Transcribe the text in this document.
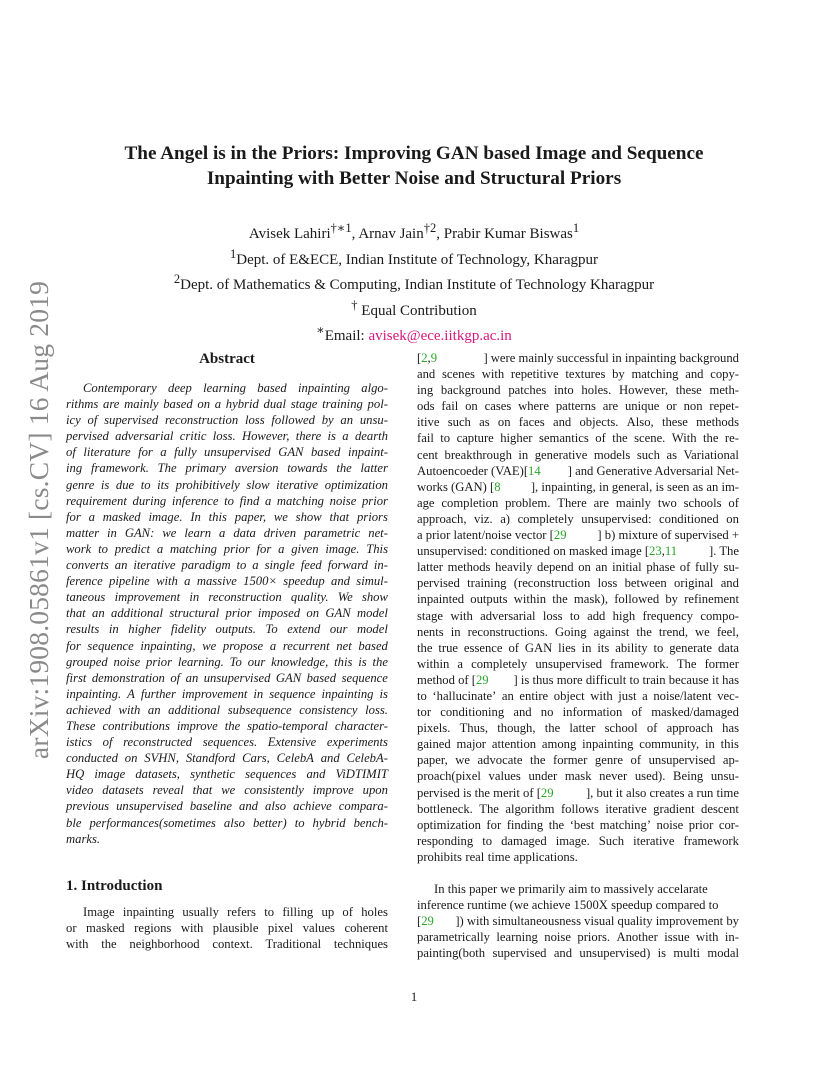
arXiv:1908.05861v1 [cs.CV] 16 Aug 2019
The Angel is in the Priors: Improving GAN based Image and Sequence
Inpainting with Better Noise and Structural Priors
Avisek Lahiri$^{\dagger∗1}$, Arnav Jain$^{\dagger 2}$, Prabir Kumar Biswas$^1$
$^1$Dept. of E&ECE, Indian Institute of Technology, Kharagpur
$^2$Dept. of Mathematics & Computing, Indian Institute of Technology Kharagpur
† Equal Contribution
∗Email: avisek@ece.iitkgp.ac.in
Abstract
Contemporary deep learning based inpainting algo-
rithms are mainly based on a hybrid dual stage training pol-
icy of supervised reconstruction loss followed by an unsu-
pervised adversarial critic loss. However, there is a dearth
of literature for a fully unsupervised GAN based inpaint-
ing framework. The primary aversion towards the latter
genre is due to its prohibitively slow iterative optimization
requirement during inference to find a matching noise prior
for a masked image. In this paper, we show that priors
matter in GAN: we learn a data driven parametric net-
work to predict a matching prior for a given image. This
converts an iterative paradigm to a single feed forward in-
ference pipeline with a massive 1500× speedup and simul-
taneous improvement in reconstruction quality. We show
that an additional structural prior imposed on GAN model
results in higher fidelity outputs. To extend our model
for sequence inpainting, we propose a recurrent net based
grouped noise prior learning. To our knowledge, this is the
first demonstration of an unsupervised GAN based sequence
inpainting. A further improvement in sequence inpainting is
achieved with an additional subsequence consistency loss.
These contributions improve the spatio-temporal character-
istics of reconstructed sequences. Extensive experiments
conducted on SVHN, Standford Cars, CelebA and CelebA-
HQ image datasets, synthetic sequences and ViDTIMIT
video datasets reveal that we consistently improve upon
previous unsupervised baseline and also achieve compara-
ble performances(sometimes also better) to hybrid bench-
marks.
1. Introduction
Image inpainting usually refers to filling up of holes
or masked regions with plausible pixel values coherent
with the neighborhood context. Traditional techniques
[2,9	] were mainly successful in inpainting background
and scenes with repetitive textures by matching and copy-
ing background patches into holes. However, these meth-
ods fail on cases where patterns are unique or non repet-
itive such as on faces and objects. Also, these methods
fail to capture higher semantics of the scene. With the re-
cent breakthrough in generative models such as Variational
Autoencoeder (VAE)[14 ] and Generative Adversarial Net-
works (GAN) [8 ], inpainting, in general, is seen as an im-
age completion problem. There are mainly two schools of
approach, viz. a) completely unsupervised: conditioned on
a prior latent/noise vector [29 ] b) mixture of supervised +
unsupervised: conditioned on masked image [23,11	]. The
latter methods heavily depend on an initial phase of fully su-
pervised training (reconstruction loss between original and
inpainted outputs within the mask), followed by refinement
stage with adversarial loss to add high frequency compo-
nents in reconstructions. Going against the trend, we feel,
the true essence of GAN lies in its ability to generate data
within a completely unsupervised framework. The former
method of [29 ] is thus more difficult to train because it has
to ‘hallucinate’ an entire object with just a noise/latent vec-
tor conditioning and no information of masked/damaged
pixels. Thus, though, the latter school of approach has
gained major attention among inpainting community, in this
paper, we advocate the former genre of unsupervised ap-
proach(pixel values under mask never used). Being unsu-
pervised is the merit of [29	], but it also creates a run time
bottleneck. The algorithm follows iterative gradient descent
optimization for finding the ‘best matching’ noise prior cor-
responding to damaged image. Such iterative framework
prohibits real time applications.
In this paper we primarily aim to massively accelarate
inference runtime (we achieve 1500X speedup compared to
[29 ]) with simultaneousness visual quality improvement by
parametrically learning noise priors. Another issue with in-
painting(both supervised and unsupervised) is multi modal
1
